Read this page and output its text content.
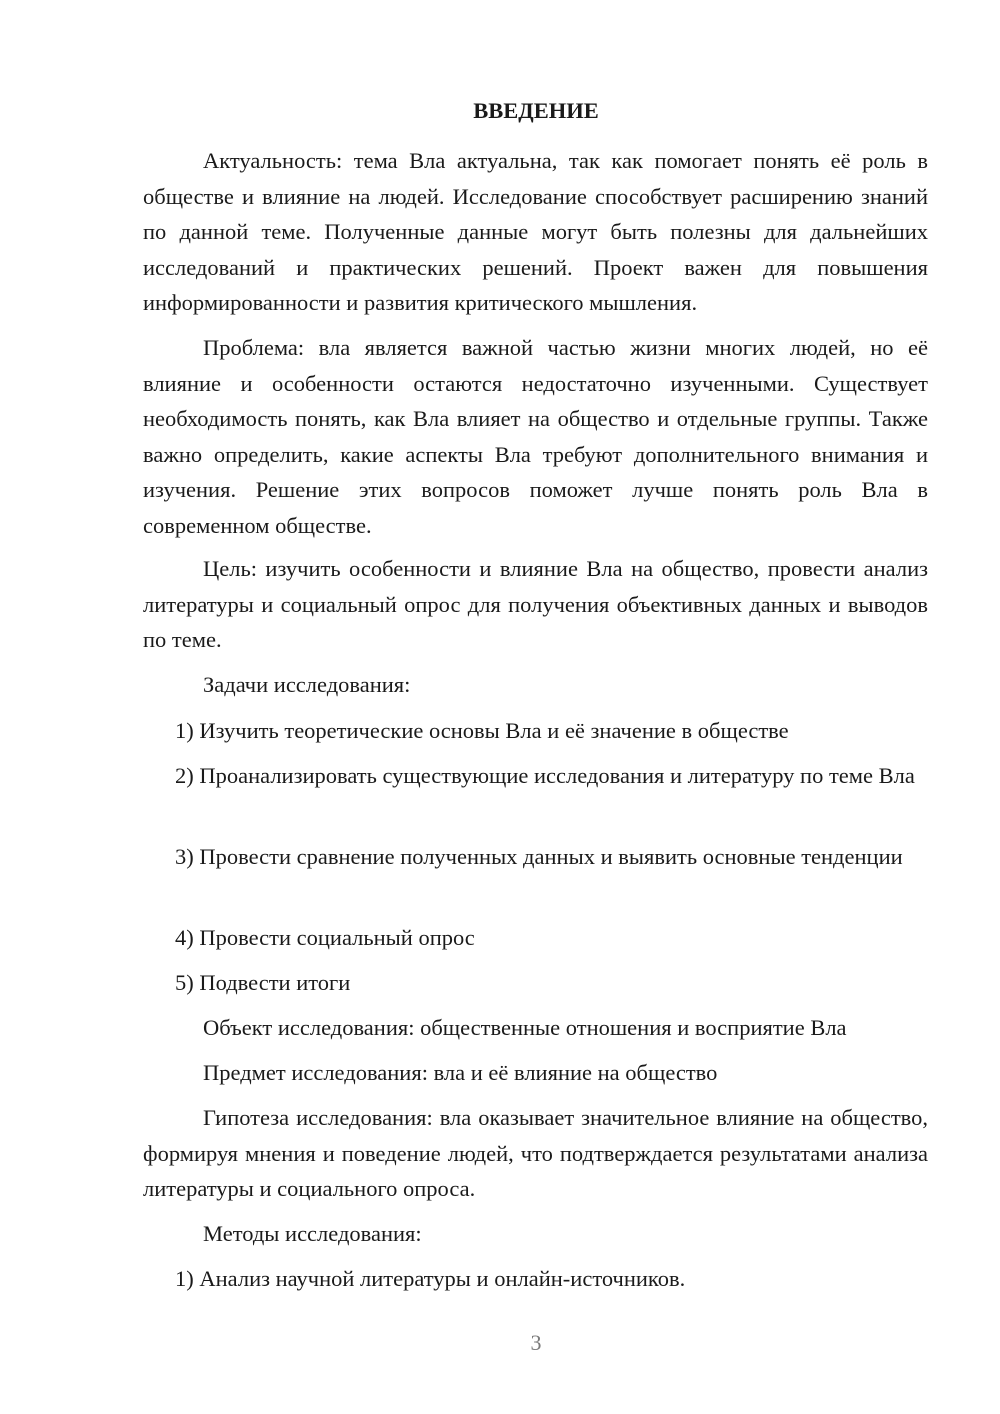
ВВЕДЕНИЕ

Актуальность: тема Вла актуальна, так как помогает понять её роль в обществе и влияние на людей. Исследование способствует расширению знаний по данной теме. Полученные данные могут быть полезны для дальнейших исследований и практических решений. Проект важен для повышения информированности и развития критического мышления.

Проблема: вла является важной частью жизни многих людей, но её влияние и особенности остаются недостаточно изученными. Существует необходимость понять, как Вла влияет на общество и отдельные группы. Также важно определить, какие аспекты Вла требуют дополнительного внимания и изучения. Решение этих вопросов поможет лучше понять роль Вла в современном обществе.

Цель: изучить особенности и влияние Вла на общество, провести анализ литературы и социальный опрос для получения объективных данных и выводов по теме.

Задачи исследования:

1) Изучить теоретические основы Вла и её значение в обществе

2) Проанализировать существующие исследования и литературу по теме Вла

3) Провести сравнение полученных данных и выявить основные тенденции

4) Провести социальный опрос

5) Подвести итоги

Объект исследования: общественные отношения и восприятие Вла

Предмет исследования: вла и её влияние на общество

Гипотеза исследования: вла оказывает значительное влияние на общество, формируя мнения и поведение людей, что подтверждается результатами анализа литературы и социального опроса.

Методы исследования:

1) Анализ научной литературы и онлайн-источников.

3
